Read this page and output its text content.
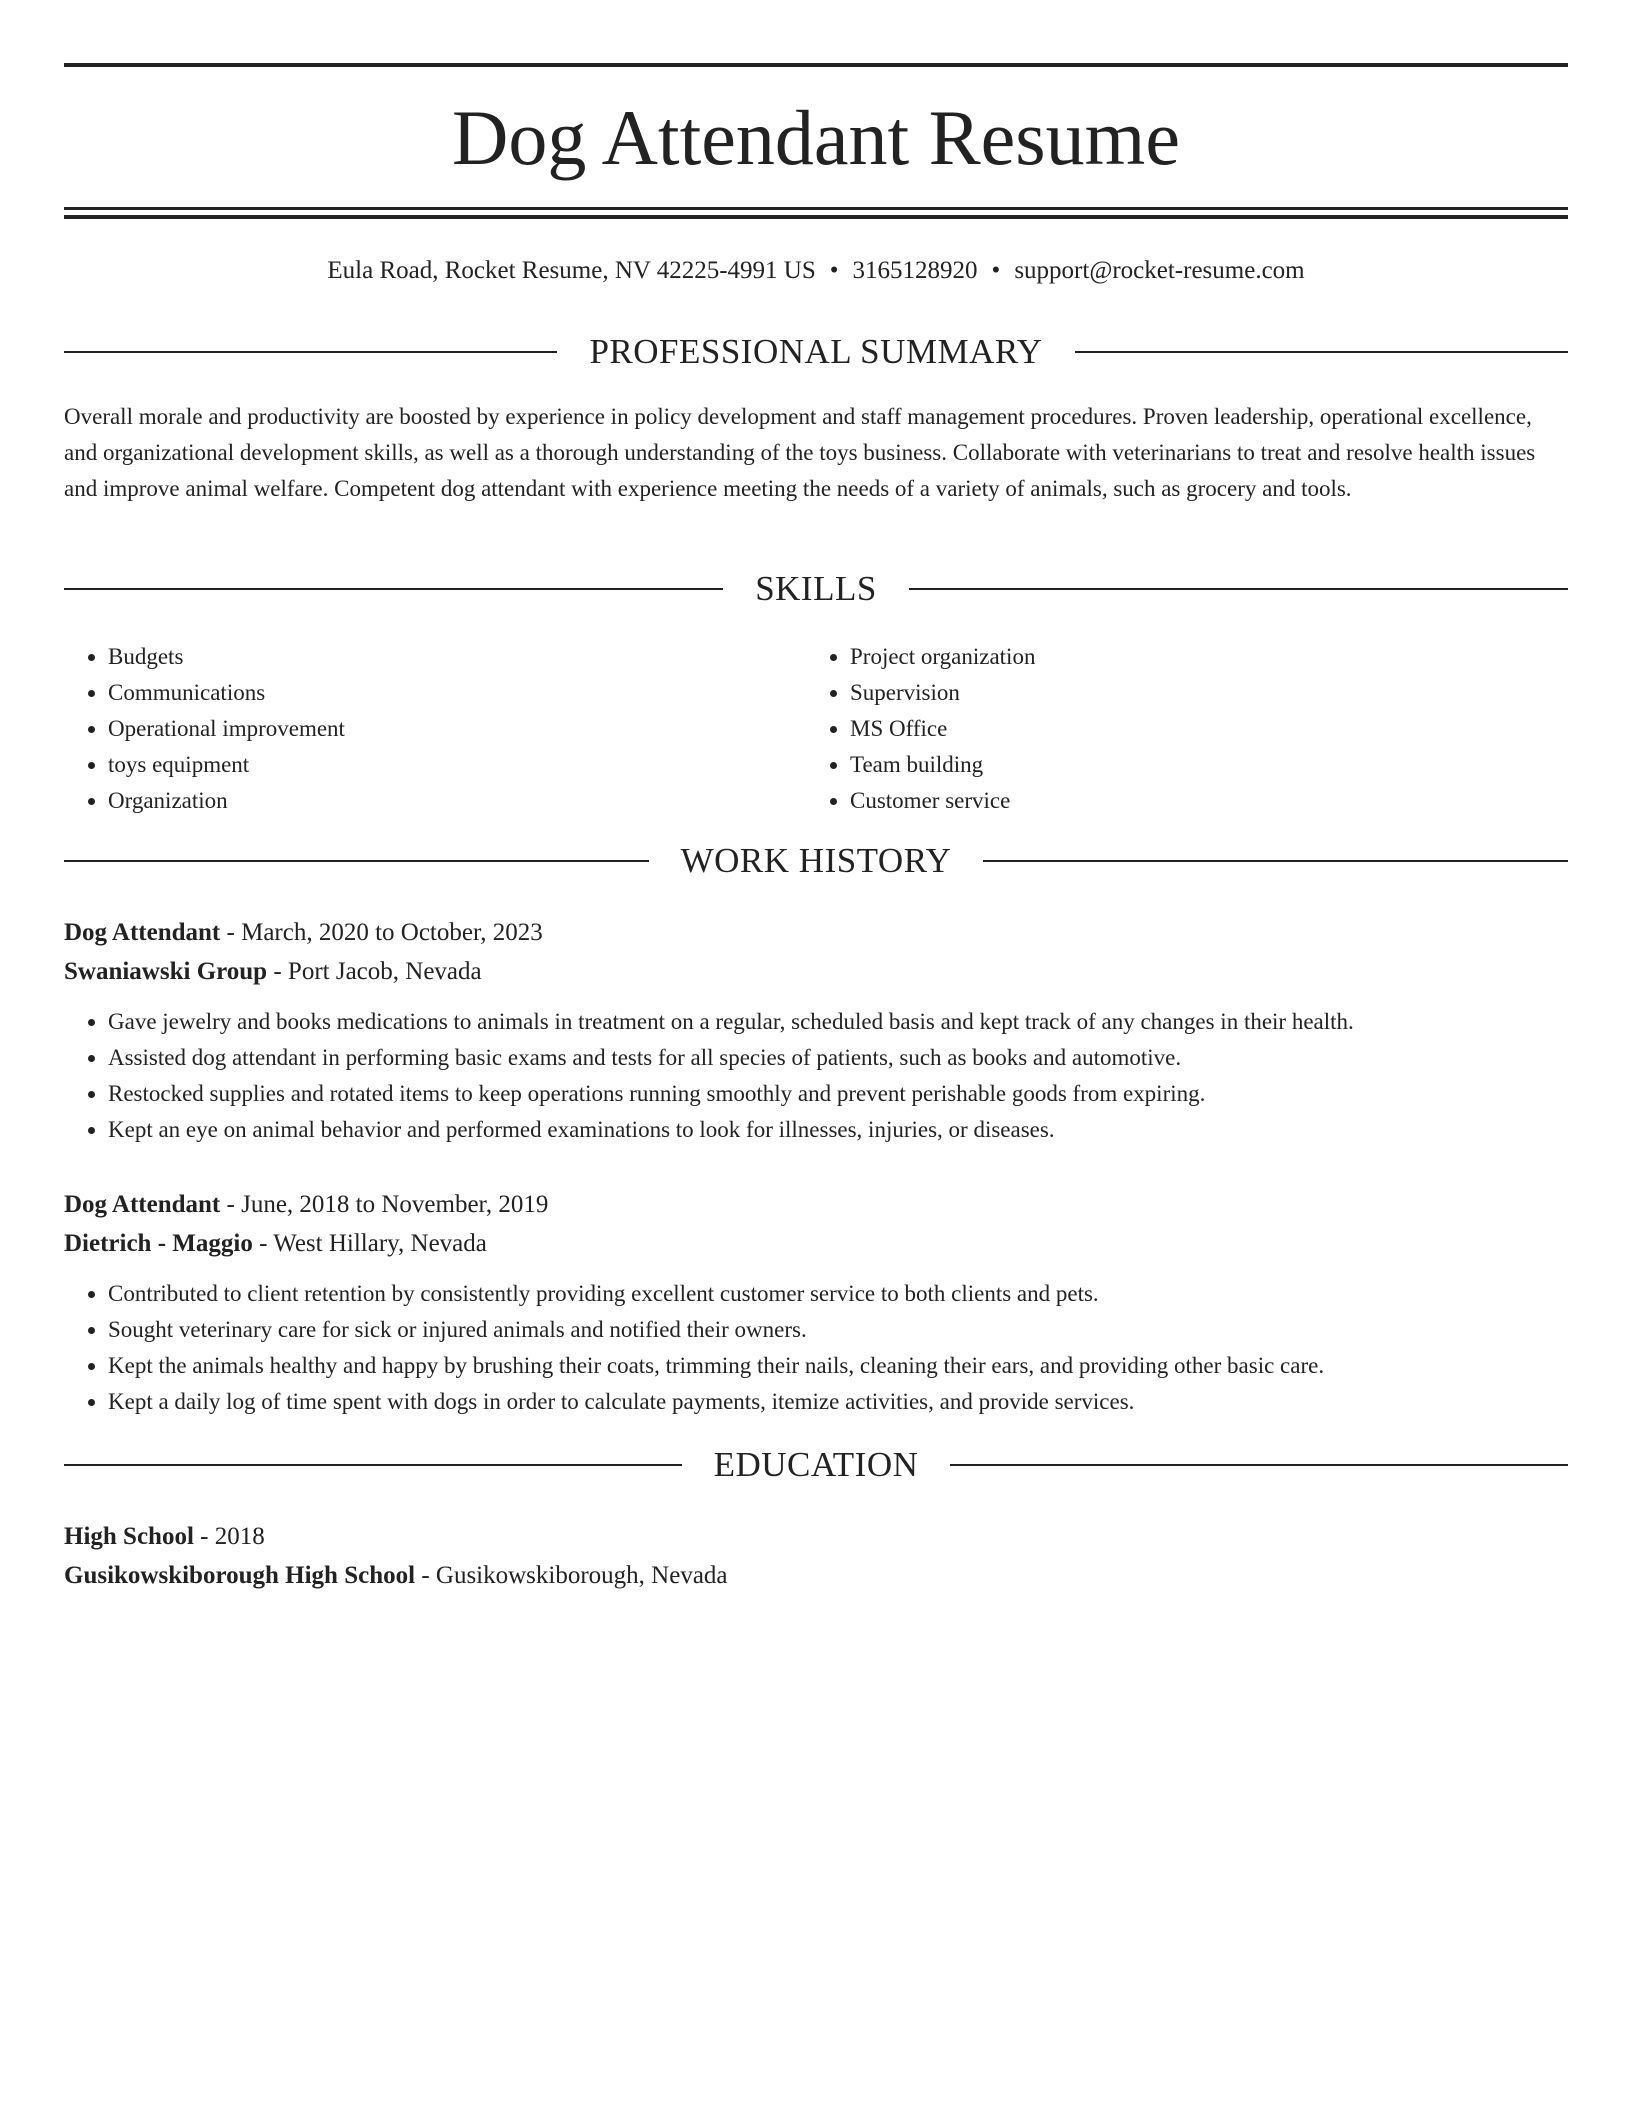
Dog Attendant Resume
Eula Road, Rocket Resume, NV 42225-4991 US • 3165128920 • support@rocket-resume.com
PROFESSIONAL SUMMARY

Overall morale and productivity are boosted by experience in policy development and staff management procedures. Proven leadership, operational excellence, and organizational development skills, as well as a thorough understanding of the toys business. Collaborate with veterinarians to treat and resolve health issues and improve animal welfare. Competent dog attendant with experience meeting the needs of a variety of animals, such as grocery and tools.

SKILLS
• Budgets
• Communications
• Operational improvement
• toys equipment
• Organization
• Project organization
• Supervision
• MS Office
• Team building
• Customer service
WORK HISTORY

Dog Attendant - March, 2020 to October, 2023

Swaniawski Group - Port Jacob, Nevada

• Gave jewelry and books medications to animals in treatment on a regular, scheduled basis and kept track of any changes in their health.
• Assisted dog attendant in performing basic exams and tests for all species of patients, such as books and automotive.
• Restocked supplies and rotated items to keep operations running smoothly and prevent perishable goods from expiring.
• Kept an eye on animal behavior and performed examinations to look for illnesses, injuries, or diseases.

Dog Attendant - June, 2018 to November, 2019

Dietrich - Maggio - West Hillary, Nevada

• Contributed to client retention by consistently providing excellent customer service to both clients and pets.
• Sought veterinary care for sick or injured animals and notified their owners.
• Kept the animals healthy and happy by brushing their coats, trimming their nails, cleaning their ears, and providing other basic care.
• Kept a daily log of time spent with dogs in order to calculate payments, itemize activities, and provide services.
EDUCATION

High School - 2018

Gusikowskiborough High School - Gusikowskiborough, Nevada
